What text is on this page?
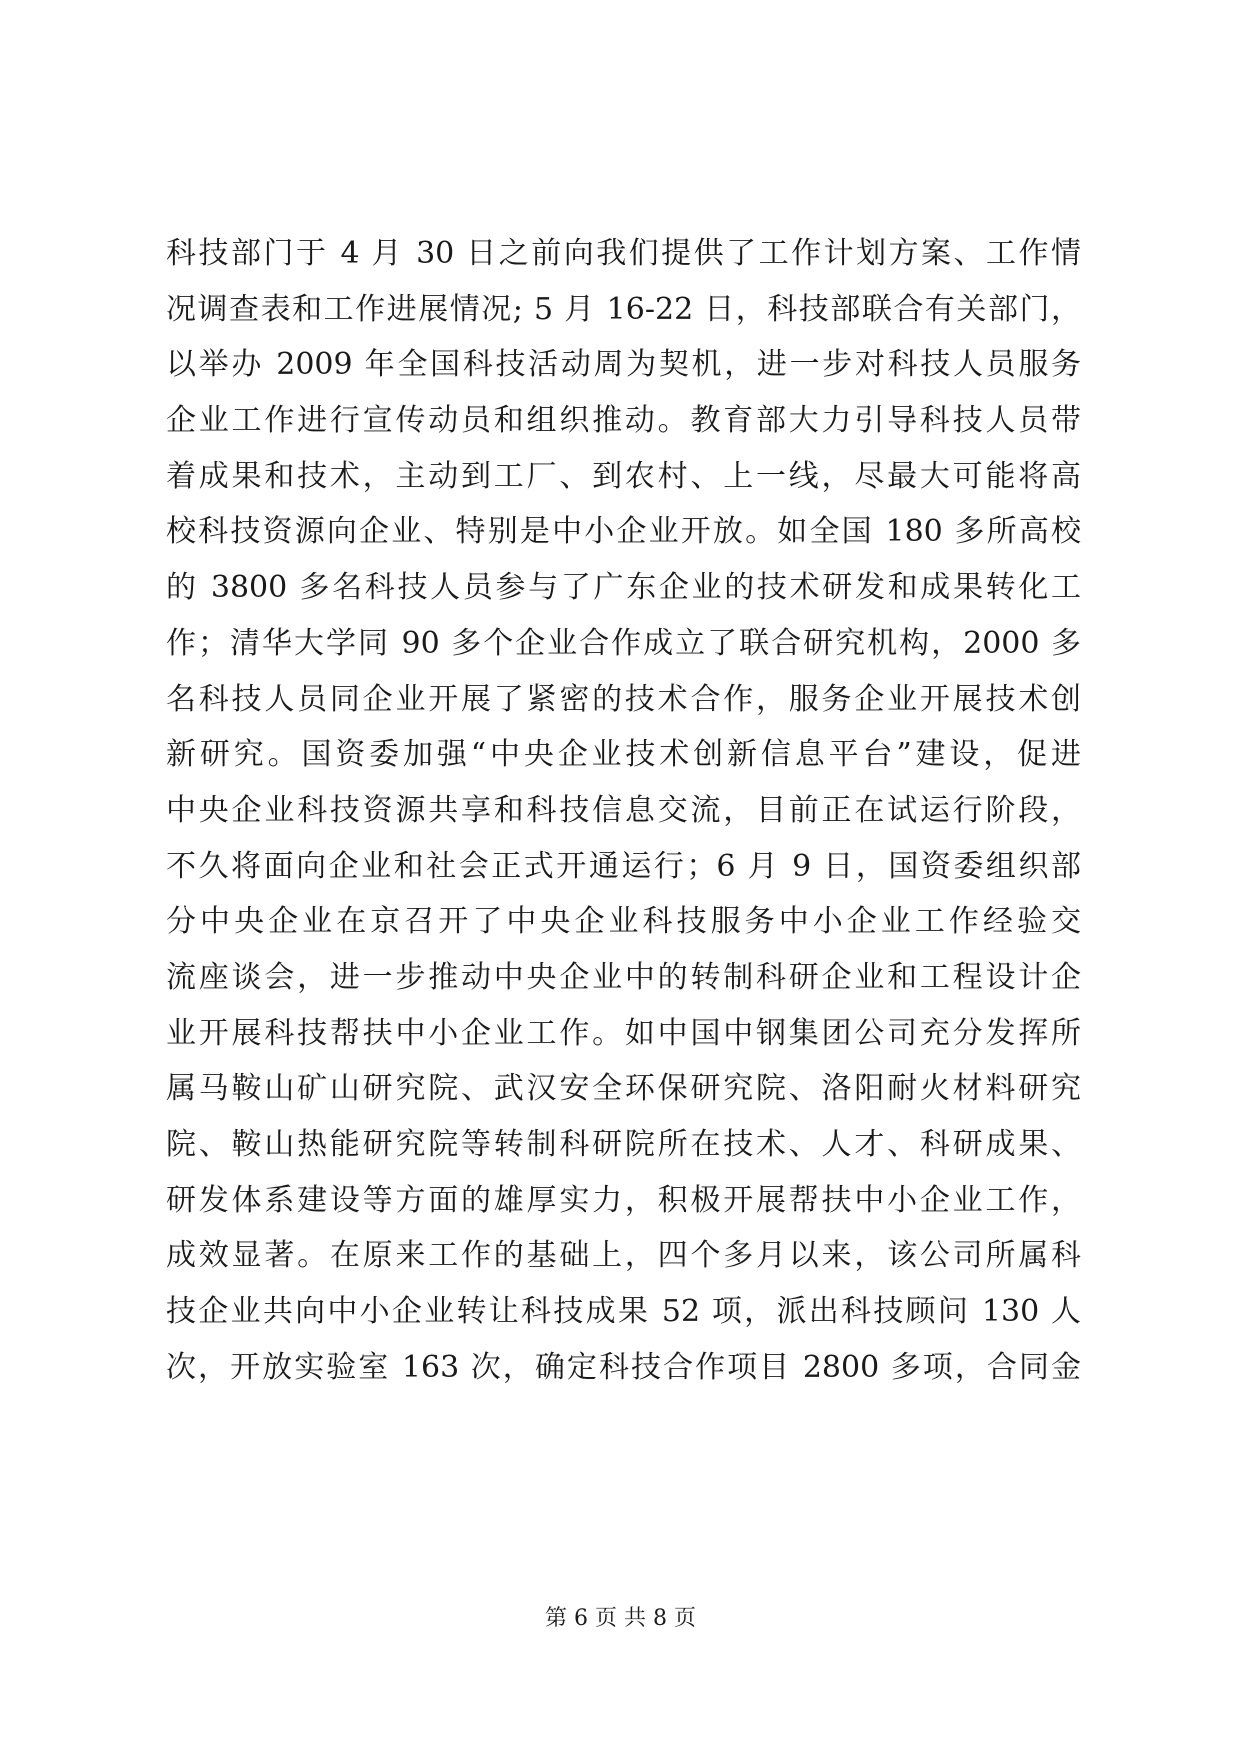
科技部门于 4 月 30 日之前向我们提供了工作计划方案、工作情
况调查表和工作进展情况; 5 月 16-22 日，科技部联合有关部门，
以举办 2009 年全国科技活动周为契机，进一步对科技人员服务
企业工作进行宣传动员和组织推动。教育部大力引导科技人员带
着成果和技术，主动到工厂、到农村、上一线，尽最大可能将高
校科技资源向企业、特别是中小企业开放。如全国 180 多所高校
的 3800 多名科技人员参与了广东企业的技术研发和成果转化工
作；清华大学同 90 多个企业合作成立了联合研究机构，2000 多
名科技人员同企业开展了紧密的技术合作，服务企业开展技术创
新研究。国资委加强“中央企业技术创新信息平台”建设，促进
中央企业科技资源共享和科技信息交流，目前正在试运行阶段，
不久将面向企业和社会正式开通运行；6 月 9 日，国资委组织部
分中央企业在京召开了中央企业科技服务中小企业工作经验交
流座谈会，进一步推动中央企业中的转制科研企业和工程设计企
业开展科技帮扶中小企业工作。如中国中钢集团公司充分发挥所
属马鞍山矿山研究院、武汉安全环保研究院、洛阳耐火材料研究
院、鞍山热能研究院等转制科研院所在技术、人才、科研成果、
研发体系建设等方面的雄厚实力，积极开展帮扶中小企业工作，
成效显著。在原来工作的基础上，四个多月以来，该公司所属科
技企业共向中小企业转让科技成果 52 项，派出科技顾问 130 人
次，开放实验室 163 次，确定科技合作项目 2800 多项，合同金
第 6 页 共 8 页
